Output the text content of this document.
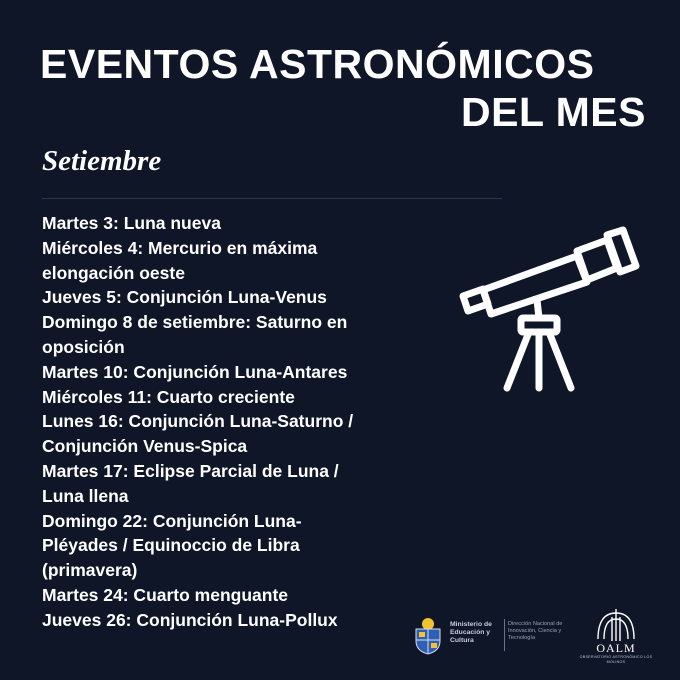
EVENTOS ASTRONÓMICOS
DEL MES
Setiembre
Martes 3: Luna nueva
Miércoles 4: Mercurio en máxima
elongación oeste
Jueves 5: Conjunción Luna-Venus
Domingo 8 de setiembre: Saturno en
oposición
Martes 10: Conjunción Luna-Antares
Miércoles 11: Cuarto creciente
Lunes 16: Conjunción Luna-Saturno /
Conjunción Venus-Spica
Martes 17: Eclipse Parcial de Luna /
Luna llena
Domingo 22: Conjunción Luna-
Pléyades / Equinoccio de Libra
(primavera)
Martes 24: Cuarto menguante
Jueves 26: Conjunción Luna-Pollux	Ministerio de Educación y Cultura
Dirección Nacional de Innovación, Ciencia y Tecnología
OALM
OBSERVATORIO ASTRONÓMICO LOS MOLINOS
